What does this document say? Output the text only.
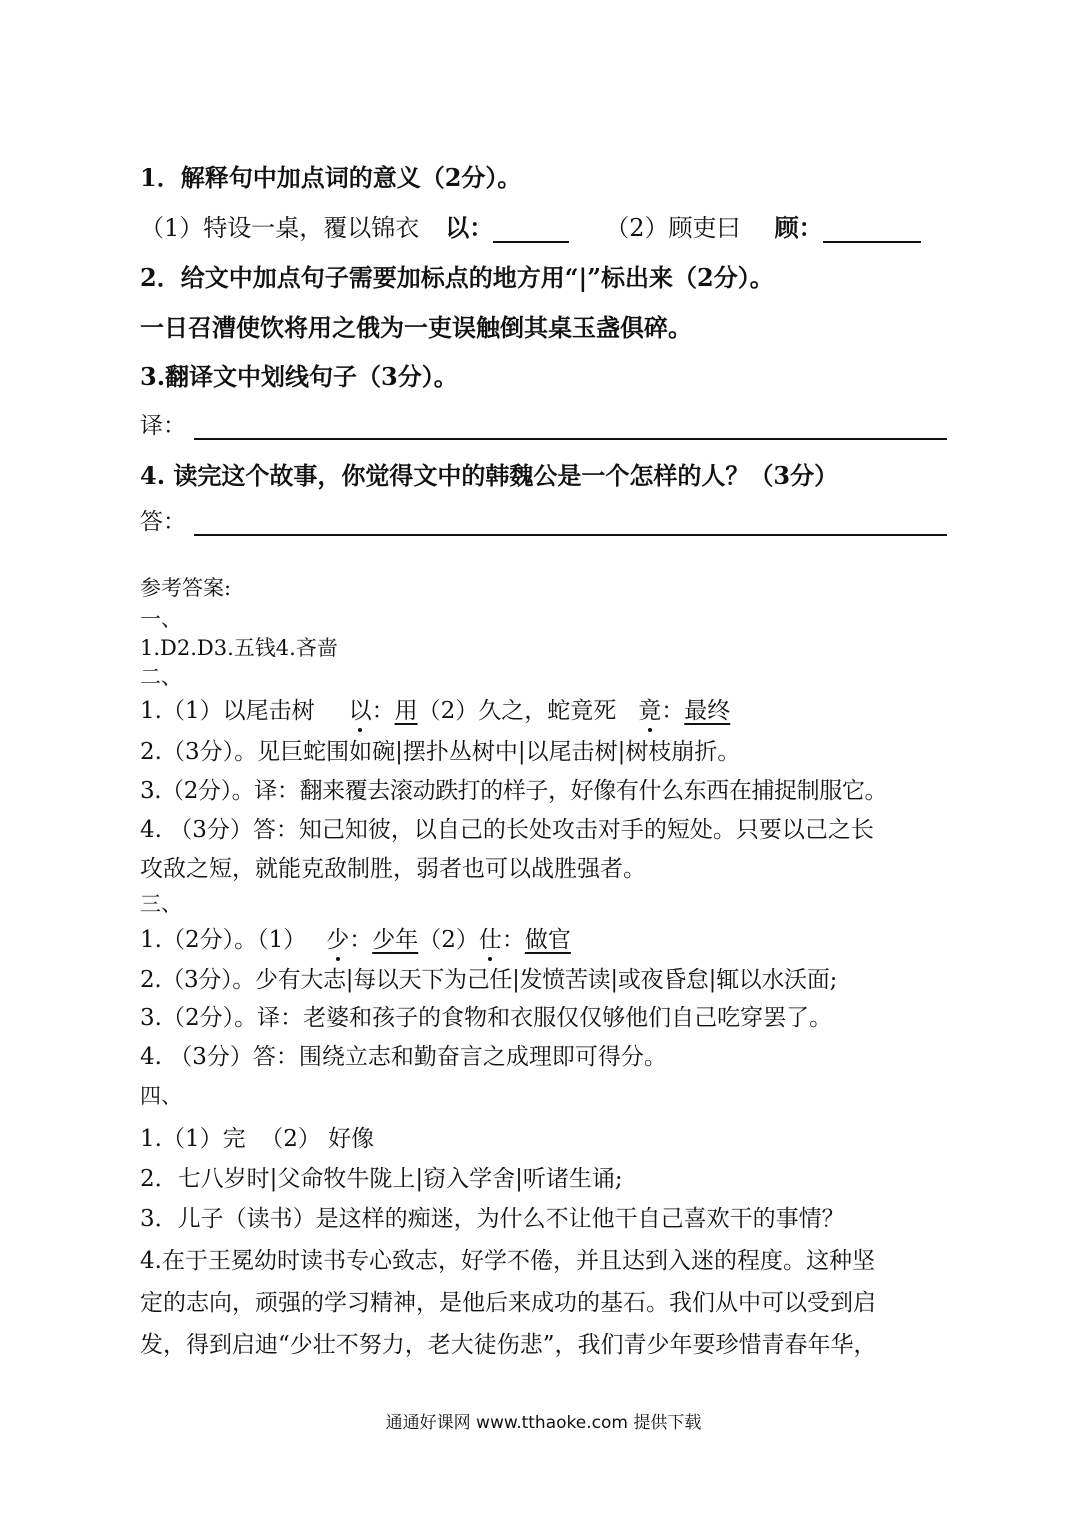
1．解释句中加点词的意义（2分）。
（1）特设一桌，覆以锦衣 以：	（2）顾吏曰 顾：
2．给文中加点句子需要加标点的地方用“|”标出来（2分）。
一日召漕使饮将用之俄为一吏误触倒其桌玉盏俱碎。
3.翻译文中划线句子（3分）。
译：
4. 读完这个故事，你觉得文中的韩魏公是一个怎样的人？（3分）
答：
参考答案:
一、
1.D2.D3.五钱4.吝啬
二、
1.（1）以尾击树 以：用（2）久之，蛇竟死 竟：最终
2.（3分）。见巨蛇围如碗|摆扑丛树中|以尾击树|树枝崩折。
3.（2分）。译：翻来覆去滚动跌打的样子，好像有什么东西在捕捉制服它。
4. （3分）答：知己知彼，以自己的长处攻击对手的短处。只要以己之长
攻敌之短，就能克敌制胜，弱者也可以战胜强者。
三、
1.（2分）。（1） 少：少年（2）仕：做官
2.（3分）。少有大志|每以天下为己任|发愤苦读|或夜昏怠|辄以水沃面;
3.（2分）。译：老婆和孩子的食物和衣服仅仅够他们自己吃穿罢了。
4. （3分）答：围绕立志和勤奋言之成理即可得分。
四、
1.（1）完  （2） 好像
2．七八岁时|父命牧牛陇上|窃入学舍|听诸生诵;
3．儿子（读书）是这样的痴迷，为什么不让他干自己喜欢干的事情？
4.在于王冕幼时读书专心致志，好学不倦，并且达到入迷的程度。这种坚
定的志向，顽强的学习精神，是他后来成功的基石。我们从中可以受到启
发，得到启迪“少壮不努力，老大徒伤悲”，我们青少年要珍惜青春年华，
通通好课网 www.tthaoke.com 提供下载
